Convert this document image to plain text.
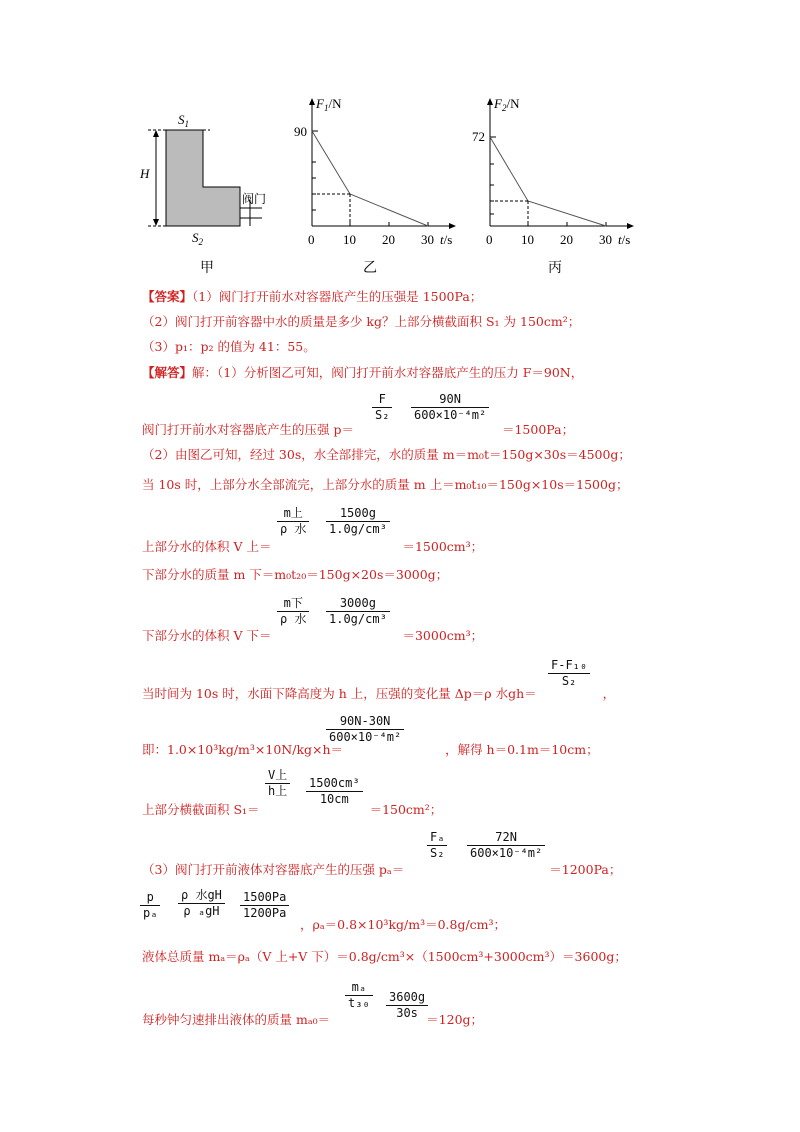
$S_1$
H
$S_2$
阀门
甲
$F_1/N$
90
0 10 20 30 t/s
乙
$F_2/N$
72
0 10 20 30 t/s
丙
【答案】（1）阀门打开前水对容器底产生的压强是 1500Pa；
（2）阀门打开前容器中水的质量是多少 kg？上部分横截面积 S₁ 为 150cm²；
（3）p₁：p₂ 的值为 41：55。
【解答】解：（1）分析图乙可知，阀门打开前水对容器底产生的压力 F＝90N，
F
S₂
90N
600×10⁻⁴m²
阀门打开前水对容器底产生的压强 p＝	＝1500Pa；
（2）由图乙可知，经过 30s，水全部排完，水的质量 m＝m₀t＝150g×30s＝4500g；
当 10s 时，上部分水全部流完，上部分水的质量 m 上＝m₀t₁₀＝150g×10s＝1500g；
m上
ρ 水
1500g
1.0g/cm³
上部分水的体积 V 上＝	＝1500cm³；
下部分水的质量 m 下＝m₀t₂₀＝150g×20s＝3000g；
m下
ρ 水
3000g
1.0g/cm³
下部分水的体积 V 下＝	＝3000cm³；
F-F₁₀
S₂
当时间为 10s 时，水面下降高度为 h 上，压强的变化量 Δp＝ρ 水gh＝	，
90N-30N
600×10⁻⁴m²
即：1.0×10³kg/m³×10N/kg×h＝	，解得 h＝0.1m＝10cm；
V上
h上
1500cm³
10cm
上部分横截面积 S₁＝	＝150cm²；
Fₐ
S₂
72N
600×10⁻⁴m²
（3）阀门打开前液体对容器底产生的压强 pₐ＝	＝1200Pa；
p
pₐ
ρ 水gH
ρ ₐgH
1500Pa
1200Pa
，ρₐ＝0.8×10³kg/m³＝0.8g/cm³；
液体总质量 mₐ＝ρₐ（V 上+V 下）＝0.8g/cm³×（1500cm³+3000cm³）＝3600g；
mₐ
t₃₀ 3600g
30s
每秒钟匀速排出液体的质量 mₐ₀＝	＝120g；
